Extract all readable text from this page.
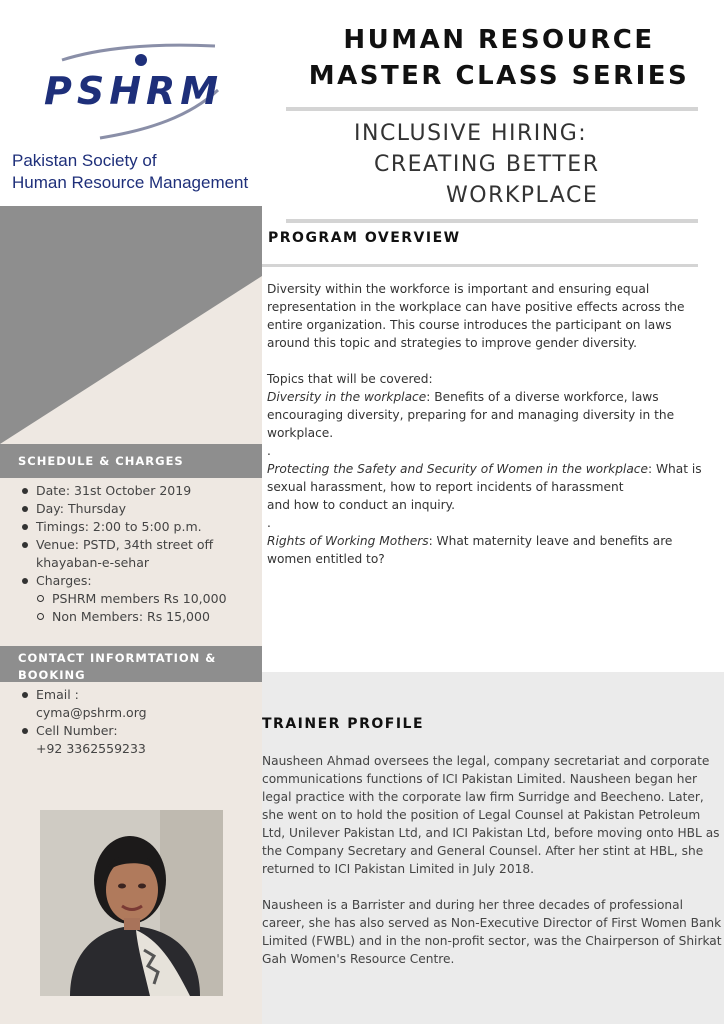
PSHRM
Pakistan Society of
Human Resource Management
SCHEDULE & CHARGES
Date: 31st October 2019
Day: Thursday
Timings: 2:00 to 5:00 p.m.
Venue: PSTD, 34th street off khayaban-e-sehar
Charges:
PSHRM members Rs 10,000
Non Members: Rs 15,000
CONTACT INFORMTATION & BOOKING
Email :
cyma@pshrm.org
Cell Number:
+92 3362559233
HUMAN RESOURCE
MASTER CLASS SERIES
INCLUSIVE HIRING:
CREATING BETTER
WORKPLACE
PROGRAM OVERVIEW

Diversity within the workforce is important and ensuring equal representation in the workplace can have positive effects across the entire organization. This course introduces the participant on laws around this topic and strategies to improve gender diversity.

Topics that will be covered:

Diversity in the workplace: Benefits of a diverse workforce, laws encouraging diversity, preparing for and managing diversity in the workplace.

.

Protecting the Safety and Security of Women in the workplace: What is sexual harassment, how to report incidents of harassment

and how to conduct an inquiry.

.

Rights of Working Mothers: What maternity leave and benefits are women entitled to?

TRAINER PROFILE

Nausheen Ahmad oversees the legal, company secretariat and corporate communications functions of ICI Pakistan Limited. Nausheen began her legal practice with the corporate law firm Surridge and Beecheno. Later, she went on to hold the position of Legal Counsel at Pakistan Petroleum Ltd, Unilever Pakistan Ltd, and ICI Pakistan Ltd, before moving onto HBL as the Company Secretary and General Counsel. After her stint at HBL, she returned to ICI Pakistan Limited in July 2018.

Nausheen is a Barrister and during her three decades of professional career, she has also served as Non-Executive Director of First Women Bank Limited (FWBL) and in the non-profit sector, was the Chairperson of Shirkat Gah Women's Resource Centre.
